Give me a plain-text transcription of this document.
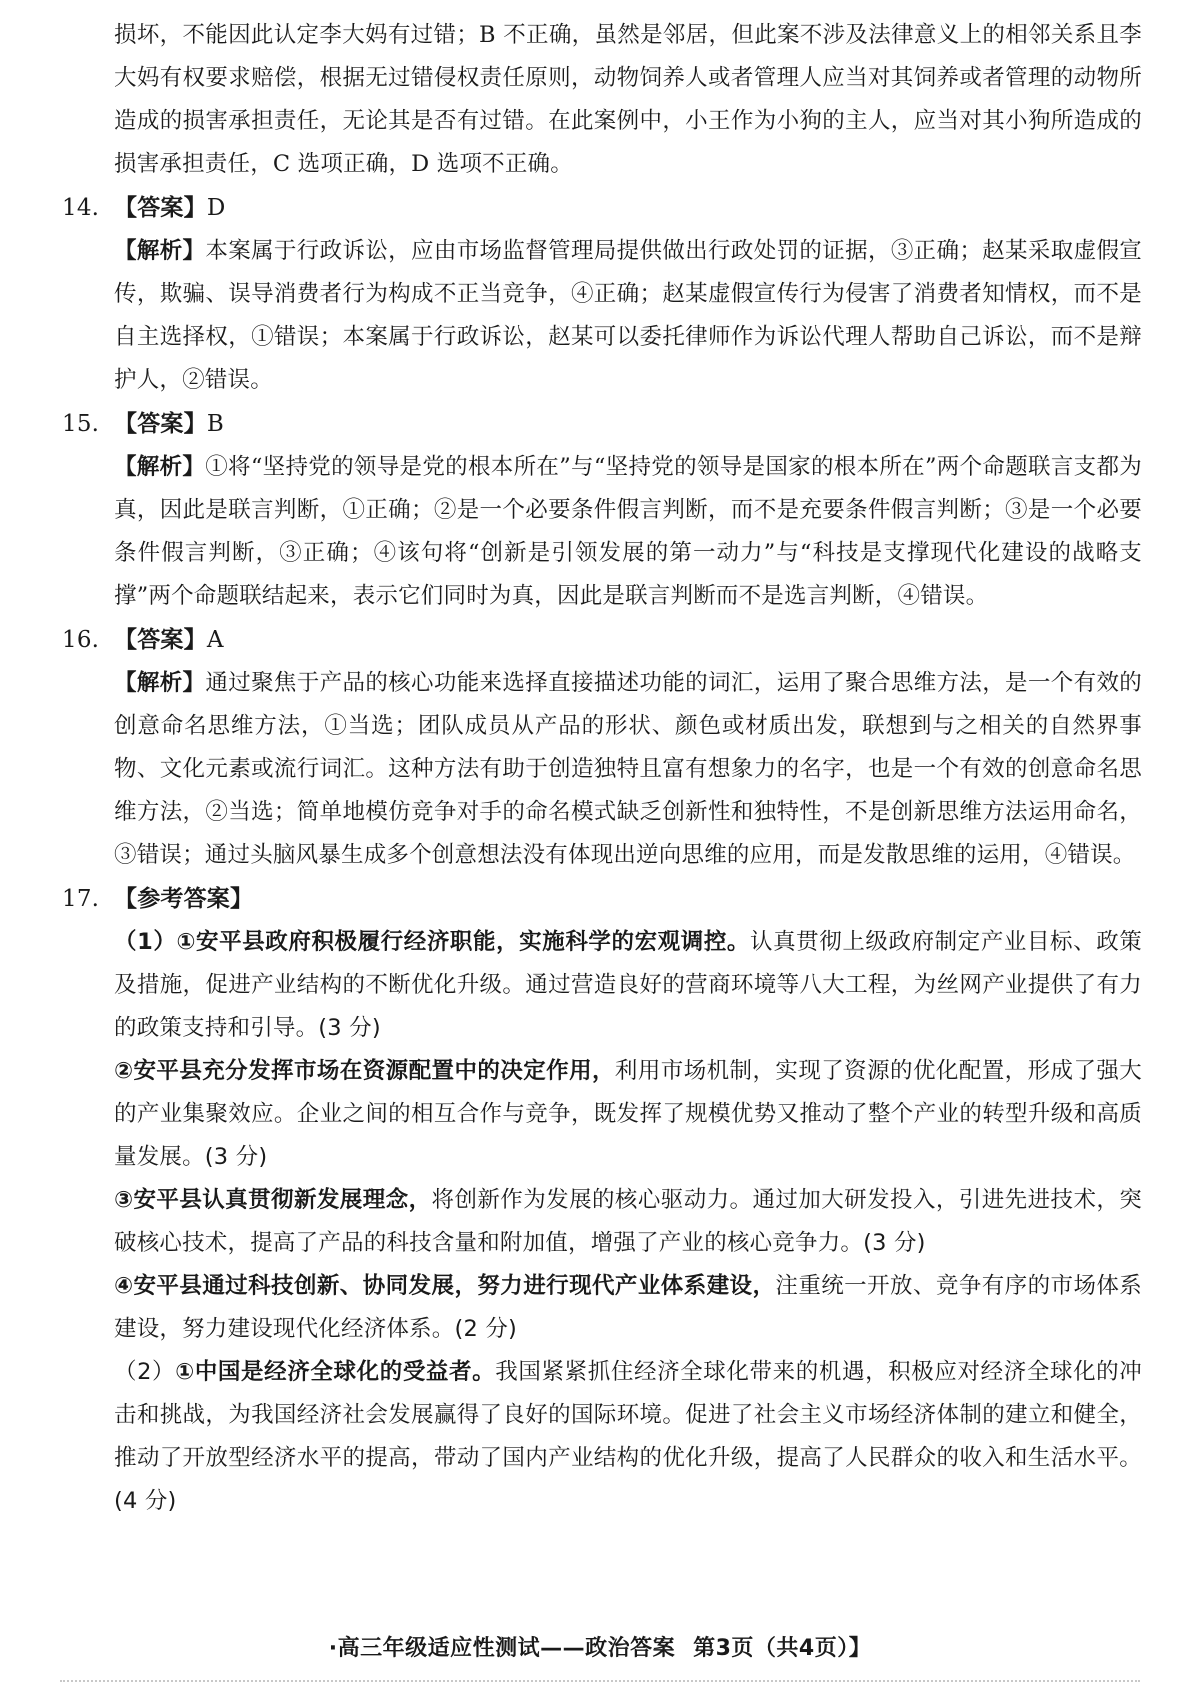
损坏，不能因此认定李大妈有过错；B 不正确，虽然是邻居，但此案不涉及法律意义上的相邻关系且李大妈有权要求赔偿，根据无过错侵权责任原则，动物饲养人或者管理人应当对其饲养或者管理的动物所造成的损害承担责任，无论其是否有过错。在此案例中，小王作为小狗的主人，应当对其小狗所造成的损害承担责任，C 选项正确，D 选项不正确。

14. 【答案】D

【解析】本案属于行政诉讼，应由市场监督管理局提供做出行政处罚的证据，③正确；赵某采取虚假宣传，欺骗、误导消费者行为构成不正当竞争，④正确；赵某虚假宣传行为侵害了消费者知情权，而不是自主选择权，①错误；本案属于行政诉讼，赵某可以委托律师作为诉讼代理人帮助自己诉讼，而不是辩护人，②错误。

15. 【答案】B

【解析】①将“坚持党的领导是党的根本所在”与“坚持党的领导是国家的根本所在”两个命题联言支都为真，因此是联言判断，①正确；②是一个必要条件假言判断，而不是充要条件假言判断；③是一个必要条件假言判断，③正确；④该句将“创新是引领发展的第一动力”与“科技是支撑现代化建设的战略支撑”两个命题联结起来，表示它们同时为真，因此是联言判断而不是选言判断，④错误。

16. 【答案】A

【解析】通过聚焦于产品的核心功能来选择直接描述功能的词汇，运用了聚合思维方法，是一个有效的创意命名思维方法，①当选；团队成员从产品的形状、颜色或材质出发，联想到与之相关的自然界事物、文化元素或流行词汇。这种方法有助于创造独特且富有想象力的名字，也是一个有效的创意命名思维方法，②当选；简单地模仿竞争对手的命名模式缺乏创新性和独特性，不是创新思维方法运用命名，③错误；通过头脑风暴生成多个创意想法没有体现出逆向思维的应用，而是发散思维的运用，④错误。

17. 【参考答案】

（1）①安平县政府积极履行经济职能，实施科学的宏观调控。认真贯彻上级政府制定产业目标、政策及措施，促进产业结构的不断优化升级。通过营造良好的营商环境等八大工程，为丝网产业提供了有力的政策支持和引导。(3 分)

②安平县充分发挥市场在资源配置中的决定作用，利用市场机制，实现了资源的优化配置，形成了强大的产业集聚效应。企业之间的相互合作与竞争，既发挥了规模优势又推动了整个产业的转型升级和高质量发展。(3 分)

③安平县认真贯彻新发展理念，将创新作为发展的核心驱动力。通过加大研发投入，引进先进技术，突破核心技术，提高了产品的科技含量和附加值，增强了产业的核心竞争力。(3 分)

④安平县通过科技创新、协同发展，努力进行现代产业体系建设，注重统一开放、竞争有序的市场体系建设，努力建设现代化经济体系。(2 分)

（2）①中国是经济全球化的受益者。我国紧紧抓住经济全球化带来的机遇，积极应对经济全球化的冲击和挑战，为我国经济社会发展赢得了良好的国际环境。促进了社会主义市场经济体制的建立和健全，推动了开放型经济水平的提高，带动了国内产业结构的优化升级，提高了人民群众的收入和生活水平。(4 分)

·高三年级适应性测试——政治答案 第3页（共4页）】
